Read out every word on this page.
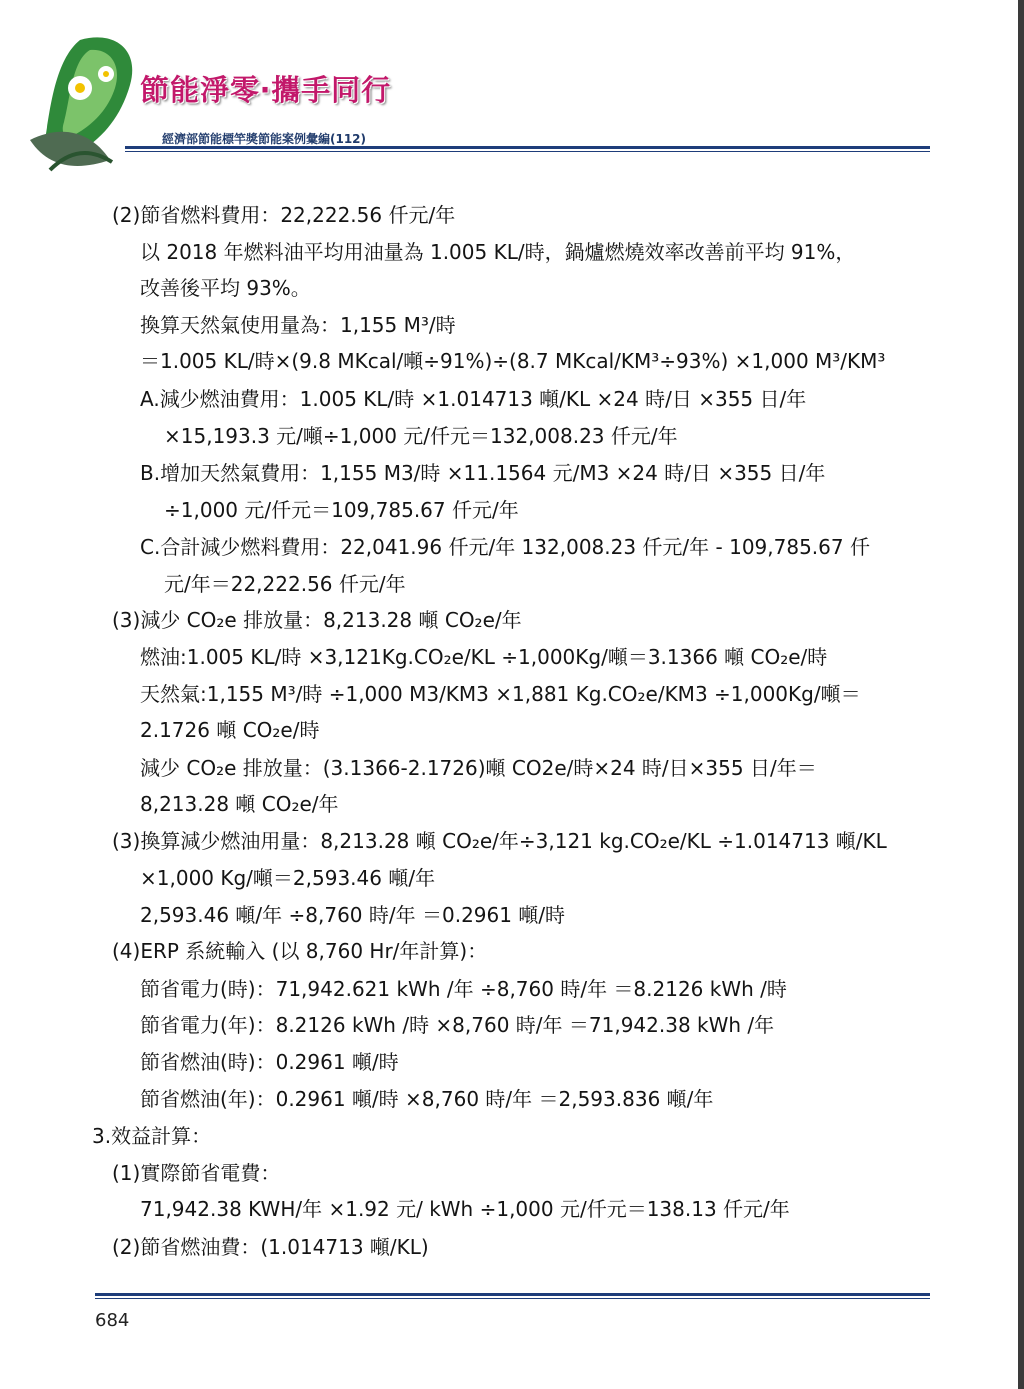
節能淨零‧攜手同行
經濟部節能標竿獎節能案例彙編(112)
(2)節省燃料費用：22,222.56 仟元/年
以 2018 年燃料油平均用油量為 1.005 KL/時，鍋爐燃燒效率改善前平均 91%，
改善後平均 93%。
換算天然氣使用量為：1,155 M³/時
＝1.005 KL/時×(9.8 MKcal/噸÷91%)÷(8.7 MKcal/KM³÷93%) ×1,000 M³/KM³
A.減少燃油費用：1.005 KL/時 ×1.014713 噸/KL ×24 時/日 ×355 日/年
×15,193.3 元/噸÷1,000 元/仟元＝132,008.23 仟元/年
B.增加天然氣費用：1,155 M3/時 ×11.1564 元/M3 ×24 時/日 ×355 日/年
÷1,000 元/仟元＝109,785.67 仟元/年
C.合計減少燃料費用：22,041.96 仟元/年 132,008.23 仟元/年 - 109,785.67 仟
元/年＝22,222.56 仟元/年
(3)減少 CO₂e 排放量：8,213.28 噸 CO₂e/年
燃油:1.005 KL/時 ×3,121Kg.CO₂e/KL ÷1,000Kg/噸＝3.1366 噸 CO₂e/時
天然氣:1,155 M³/時 ÷1,000 M3/KM3 ×1,881 Kg.CO₂e/KM3 ÷1,000Kg/噸＝
2.1726 噸 CO₂e/時
減少 CO₂e 排放量：(3.1366-2.1726)噸 CO2e/時×24 時/日×355 日/年＝
8,213.28 噸 CO₂e/年
(3)換算減少燃油用量：8,213.28 噸 CO₂e/年÷3,121 kg.CO₂e/KL ÷1.014713 噸/KL
×1,000 Kg/噸＝2,593.46 噸/年
2,593.46 噸/年 ÷8,760 時/年 ＝0.2961 噸/時
(4)ERP 系統輸入 (以 8,760 Hr/年計算)：
節省電力(時)：71,942.621 kWh /年 ÷8,760 時/年 ＝8.2126 kWh /時
節省電力(年)：8.2126 kWh /時 ×8,760 時/年 ＝71,942.38 kWh /年
節省燃油(時)：0.2961 噸/時
節省燃油(年)：0.2961 噸/時 ×8,760 時/年 ＝2,593.836 噸/年
3.效益計算：
(1)實際節省電費：
71,942.38 KWH/年 ×1.92 元/ kWh ÷1,000 元/仟元＝138.13 仟元/年
(2)節省燃油費：(1.014713 噸/KL)
684
